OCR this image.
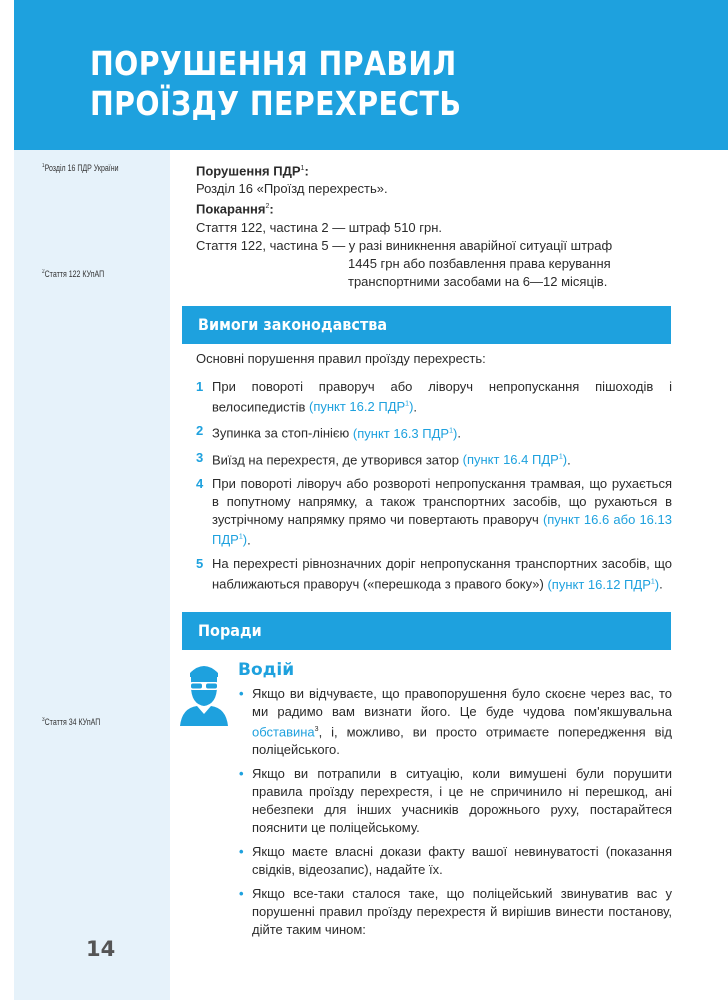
ПОРУШЕННЯ ПРАВИЛ
ПРОЇЗДУ ПЕРЕХРЕСТЬ
$^1$Розділ 16 ПДР України
$^2$Стаття 122 КУпАП
$^3$Стаття 34 КУпАП
14
Порушення ПДР$^1$:
Розділ 16 «Проїзд перехресть».
Покарання$^2$:
Стаття 122, частина 2 — штраф 510 грн.
Стаття 122, частина 5 — у разі виникнення аварійної ситуації штраф
1445 грн або позбавлення права керування
транспортними засобами на 6—12 місяців.
Вимоги законодавства
Основні порушення правил проїзду перехресть:
1 При повороті праворуч або ліворуч непропускання пішоходів і велосипедистів (пункт 16.2 ПДР$^1$).
2 Зупинка за стоп-лінією (пункт 16.3 ПДР$^1$).
3 Виїзд на перехрестя, де утворився затор (пункт 16.4 ПДР$^1$).
4 При повороті ліворуч або розвороті непропускання трамвая, що рухається в попутному напрямку, а також транспортних засобів, що рухаються в зустрічному напрямку прямо чи повертають праворуч (пункт 16.6 або 16.13 ПДР$^1$).
5 На перехресті рівнозначних доріг непропускання транспортних засобів, що наближаються праворуч («перешкода з правого боку») (пункт 16.12 ПДР$^1$).
Поради
Водій
• Якщо ви відчуваєте, що правопорушення було скоєне через вас, то ми радимо вам визнати його. Це буде чудова пом'якшувальна обставина$^3$, і, можливо, ви просто отримаєте попередження від поліцейського.
• Якщо ви потрапили в ситуацію, коли вимушені були порушити правила проїзду перехрестя, і це не спричинило ні перешкод, ані небезпеки для інших учасників дорожнього руху, постарайтеся пояснити це поліцейському.
• Якщо маєте власні докази факту вашої невинуватості (показання свідків, відеозапис), надайте їх.
• Якщо все-таки сталося таке, що поліцейський звинуватив вас у порушенні правил проїзду перехрестя й вирішив винести постанову, дійте таким чином:
